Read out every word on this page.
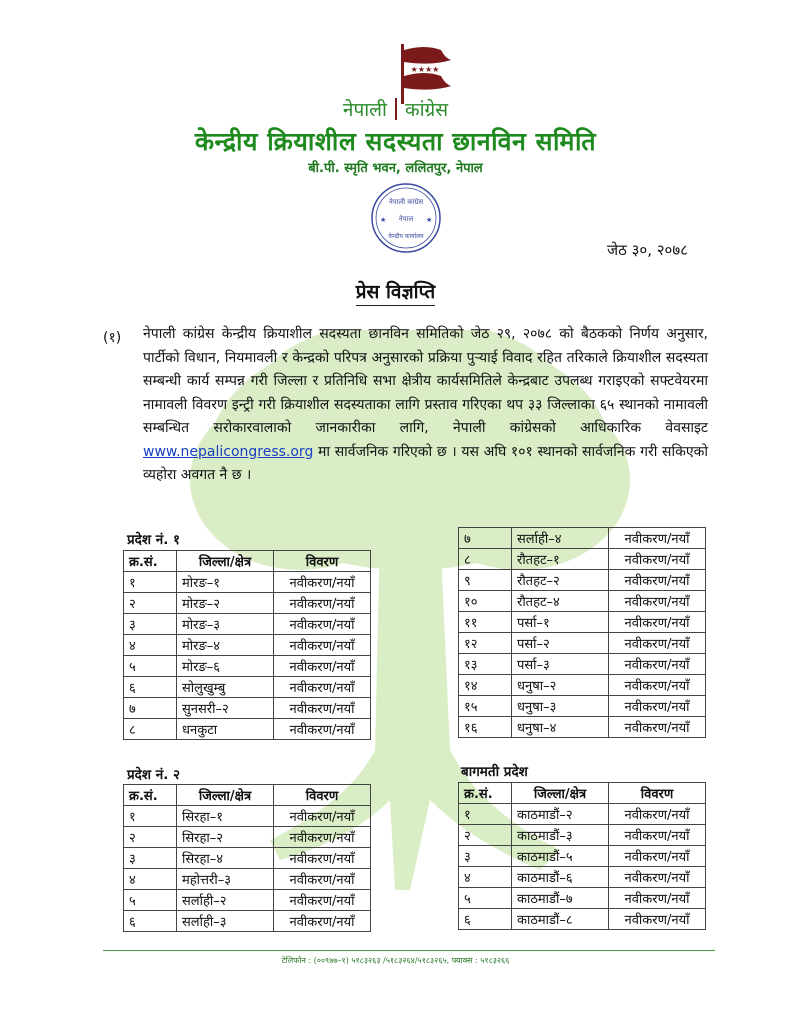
★★★★
नेपाली कांग्रेस
केन्द्रीय क्रियाशील सदस्यता छानविन समिति
बी.पी. स्मृति भवन, ललितपुर, नेपाल
नेपाली कांग्रेस
नेपाल
केन्द्रीय कार्यालय
★	★
जेठ ३०, २०७८
प्रेस विज्ञप्ति
(१) नेपाली कांग्रेस केन्द्रीय क्रियाशील सदस्यता छानविन समितिको जेठ २९, २०७८ को बैठकको निर्णय अनुसार, पार्टीको विधान, नियमावली र केन्द्रको परिपत्र अनुसारको प्रक्रिया पुऱ्याई विवाद रहित तरिकाले क्रियाशील सदस्यता सम्बन्धी कार्य सम्पन्न गरी जिल्ला र प्रतिनिधि सभा क्षेत्रीय कार्यसमितिले केन्द्रबाट उपलब्ध गराइएको सफ्टवेयरमा नामावली विवरण इन्ट्री गरी क्रियाशील सदस्यताका लागि प्रस्ताव गरिएका थप ३३ जिल्लाका ६५ स्थानको नामावली सम्बन्धित सरोकारवालाको जानकारीका लागि, नेपाली कांग्रेसको आधिकारिक वेवसाइट www.nepalicongress.org मा सार्वजनिक गरिएको छ । यस अघि १०१ स्थानको सार्वजनिक गरी सकिएको व्यहोरा अवगत नै छ ।
प्रदेश नं. १
क्र.सं.	जिल्ला/क्षेत्र	विवरण
१	मोरङ–१	नवीकरण/नयाँ
२	मोरङ–२	नवीकरण/नयाँ
३	मोरङ–३	नवीकरण/नयाँ
४	मोरङ–४	नवीकरण/नयाँ
५	मोरङ–६	नवीकरण/नयाँ
६	सोलुखुम्बु	नवीकरण/नयाँ
७	सुनसरी–२	नवीकरण/नयाँ
८	धनकुटा	नवीकरण/नयाँ
प्रदेश नं. २
क्र.सं.	जिल्ला/क्षेत्र	विवरण
१	सिरहा–१	नवीकरण/नयाँ
२	सिरहा–२	नवीकरण/नयाँ
३	सिरहा–४	नवीकरण/नयाँ
४	महोत्तरी–३	नवीकरण/नयाँ
५	सर्लाही–२	नवीकरण/नयाँ
६	सर्लाही–३	नवीकरण/नयाँ
७	सर्लाही–४	नवीकरण/नयाँ
८	रौतहट–१	नवीकरण/नयाँ
९	रौतहट–२	नवीकरण/नयाँ
१०	रौतहट–४	नवीकरण/नयाँ
११	पर्सा–१	नवीकरण/नयाँ
१२	पर्सा–२	नवीकरण/नयाँ
१३	पर्सा–३	नवीकरण/नयाँ
१४	धनुषा–२	नवीकरण/नयाँ
१५	धनुषा–३	नवीकरण/नयाँ
१६	धनुषा–४	नवीकरण/नयाँ
बागमती प्रदेश
क्र.सं.	जिल्ला/क्षेत्र	विवरण
१	काठमाडौं–२	नवीकरण/नयाँ
२	काठमाडौं–३	नवीकरण/नयाँ
३	काठमाडौं–५	नवीकरण/नयाँ
४	काठमाडौं–६	नवीकरण/नयाँ
५	काठमाडौं–७	नवीकरण/नयाँ
६	काठमाडौं–८	नवीकरण/नयाँ
टेलिफोन : (००९७७–१) ५१८३२६३ /५१८३२६४/५१८३२६५, फ्याक्स : ५१८३२६६
